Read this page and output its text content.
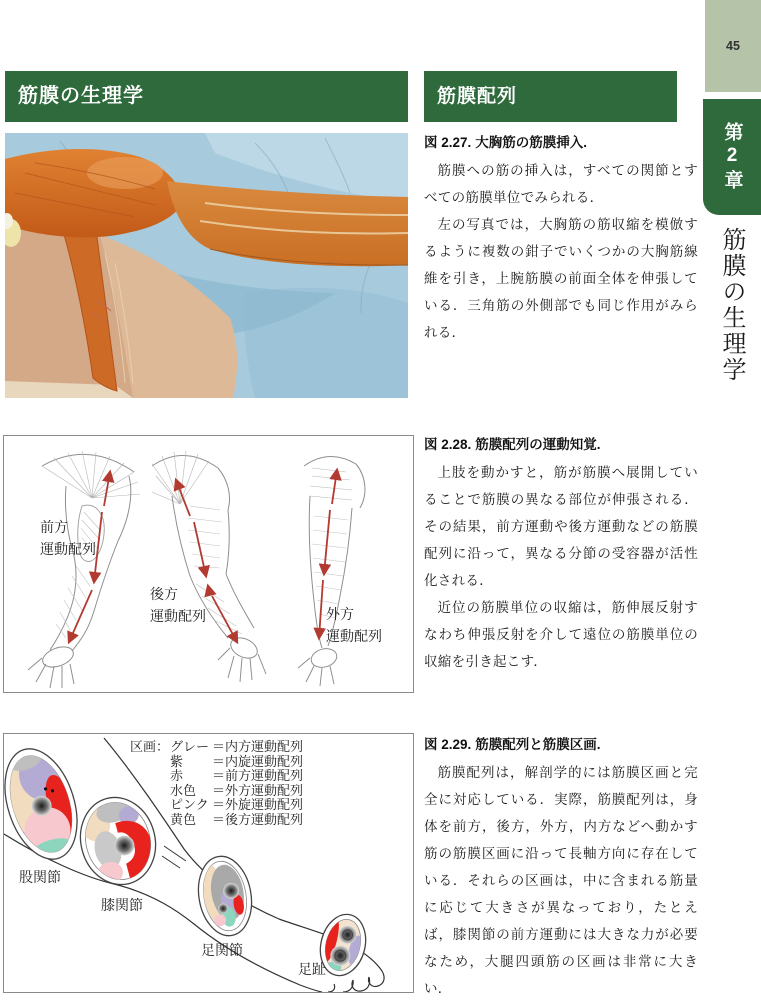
45
第2章
筋膜の生理学
筋膜の生理学	筋膜配列
前方
運動配列
後方
運動配列	外方
運動配列
股関節
膝関節
足関節
足趾
区画： グレー ＝内方運動配列
紫	＝内旋運動配列
赤	＝前方運動配列
水色	＝外方運動配列
ピンク ＝外旋運動配列
黄色	＝後方運動配列
図 2.27. 大胸筋の筋膜挿入.

筋膜への筋の挿入は，すべての関節とすべての筋膜単位でみられる．

左の写真では，大胸筋の筋収縮を模倣するように複数の鉗子でいくつかの大胸筋線維を引き，上腕筋膜の前面全体を伸張している．三角筋の外側部でも同じ作用がみられる．

図 2.28. 筋膜配列の運動知覚.

上肢を動かすと，筋が筋膜へ展開していることで筋膜の異なる部位が伸張される．その結果，前方運動や後方運動などの筋膜配列に沿って，異なる分節の受容器が活性化される．

近位の筋膜単位の収縮は，筋伸展反射すなわち伸張反射を介して遠位の筋膜単位の収縮を引き起こす．

図 2.29. 筋膜配列と筋膜区画.

筋膜配列は，解剖学的には筋膜区画と完全に対応している．実際，筋膜配列は，身体を前方，後方，外方，内方などへ動かす筋の筋膜区画に沿って長軸方向に存在している．それらの区画は，中に含まれる筋量に応じて大きさが異なっており，たとえば，膝関節の前方運動には大きな力が必要なため，大腿四頭筋の区画は非常に大きい．
